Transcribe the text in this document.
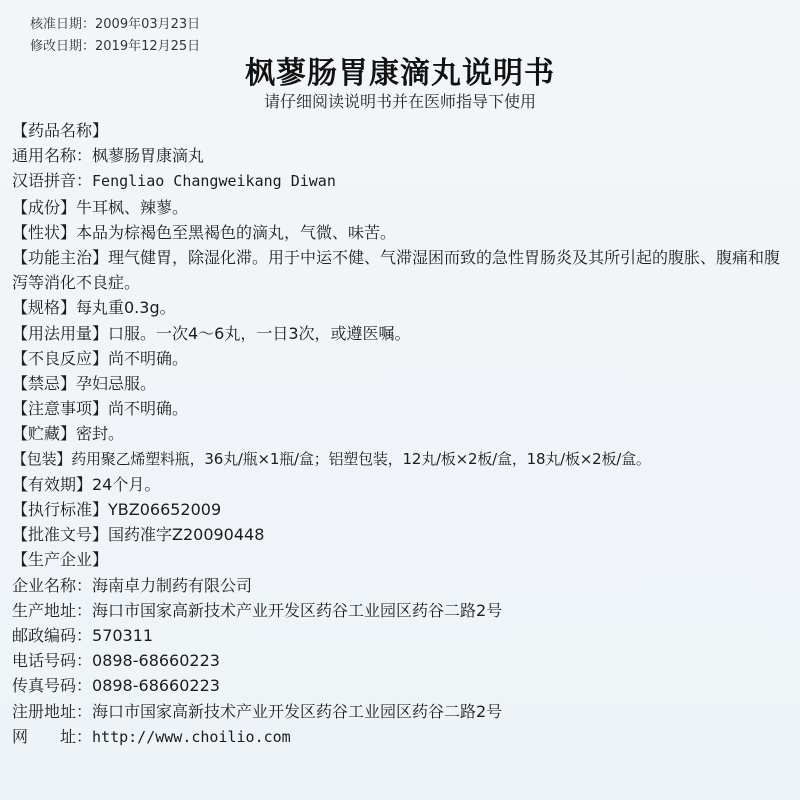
核准日期：2009年03月23日
修改日期：2019年12月25日
枫蓼肠胃康滴丸说明书
请仔细阅读说明书并在医师指导下使用
【药品名称】
通用名称：枫蓼肠胃康滴丸
汉语拼音：Fengliao Changweikang Diwan
【成份】牛耳枫、辣蓼。
【性状】本品为棕褐色至黑褐色的滴丸，气微、味苦。
【功能主治】理气健胃，除湿化滞。用于中运不健、气滞湿困而致的急性胃肠炎及其所引起的腹胀、腹痛和腹泻等消化不良症。
【规格】每丸重0.3g。
【用法用量】口服。一次4～6丸，一日3次，或遵医嘱。
【不良反应】尚不明确。
【禁忌】孕妇忌服。
【注意事项】尚不明确。
【贮藏】密封。
【包装】药用聚乙烯塑料瓶，36丸/瓶×1瓶/盒；铝塑包装，12丸/板×2板/盒，18丸/板×2板/盒。
【有效期】24个月。
【执行标准】YBZ06652009
【批准文号】国药准字Z20090448
【生产企业】
企业名称：海南卓力制药有限公司
生产地址：海口市国家高新技术产业开发区药谷工业园区药谷二路2号
邮政编码：570311
电话号码：0898-68660223
传真号码：0898-68660223
注册地址：海口市国家高新技术产业开发区药谷工业园区药谷二路2号
网　　址：http://www.choilio.com
